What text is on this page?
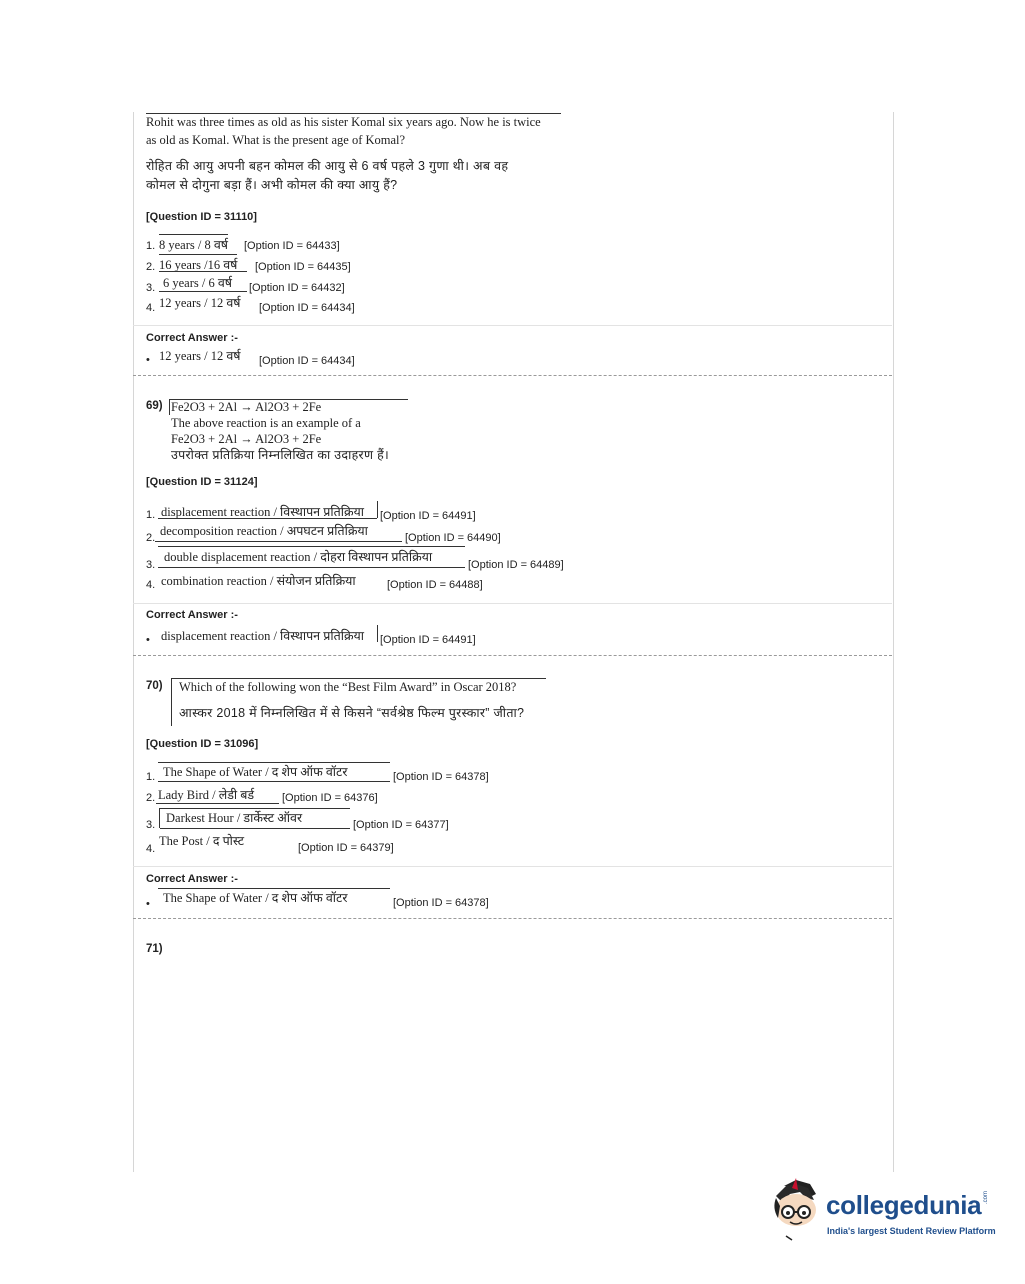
Rohit was three times as old as his sister Komal six years ago. Now he is twice
as old as Komal. What is the present age of Komal?
रोहित की आयु अपनी बहन कोमल की आयु से 6 वर्ष पहले 3 गुणा थी। अब वह
कोमल से दोगुना बड़ा हैं। अभी कोमल की क्या आयु हैं?
[Question ID = 31110]
1. 8 years / 8 वर्ष [Option ID = 64433]
2. 16 years /16 वर्ष [Option ID = 64435]
3. 6 years / 6 वर्ष [Option ID = 64432]
4. 12 years / 12 वर्ष [Option ID = 64434]
Correct Answer :-
• 12 years / 12 वर्ष [Option ID = 64434]
69) Fe2O3 + 2Al → Al2O3 + 2Fe
The above reaction is an example of a
Fe2O3 + 2Al → Al2O3 + 2Fe
उपरोक्त प्रतिक्रिया निम्नलिखित का उदाहरण हैं।
[Question ID = 31124]
1. displacement reaction / विस्थापन प्रतिक्रिया [Option ID = 64491]
decomposition reaction / अपघटन प्रतिक्रिया
2.	[Option ID = 64490]
double displacement reaction / दोहरा विस्थापन प्रतिक्रिया
3.	[Option ID = 64489]
4. combination reaction / संयोजन प्रतिक्रिया	[Option ID = 64488]
Correct Answer :-
• displacement reaction / विस्थापन प्रतिक्रिया [Option ID = 64491]
70) Which of the following won the “Best Film Award” in Oscar 2018?
आस्कर 2018 में निम्नलिखित में से किसने “सर्वश्रेष्ठ फिल्म पुरस्कार” जीता?
[Question ID = 31096]
The Shape of Water / द शेप ऑफ वॉटर
1.	[Option ID = 64378]
2. Lady Bird / लेडी बर्ड	[Option ID = 64376]
Darkest Hour / डार्केस्ट ऑवर
3.	[Option ID = 64377]
The Post / द पोस्ट
4.	[Option ID = 64379]
Correct Answer :-
The Shape of Water / द शेप ऑफ वॉटर
•	[Option ID = 64378]
71)
collegedunia .com
India's largest Student Review Platform
